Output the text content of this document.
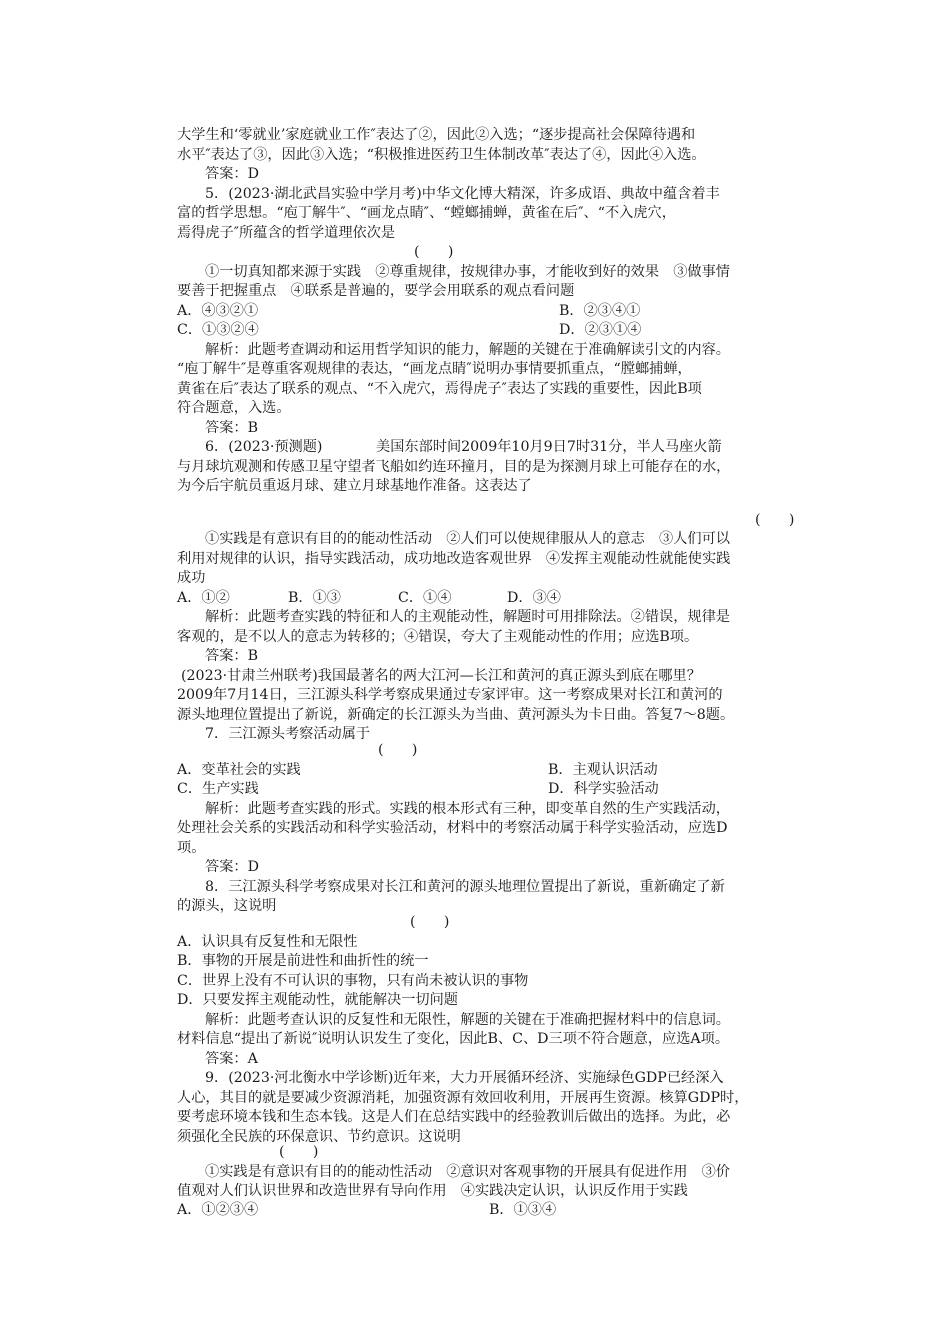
大学生和‘零就业’家庭就业工作″表达了②，因此②入选；“逐步提高社会保障待遇和
水平″表达了③，因此③入选；“积极推进医药卫生体制改革″表达了④，因此④入选。
答案：D
5．(2023·湖北武昌实验中学月考)中华文化博大精深，许多成语、典故中蕴含着丰
富的哲学思想。“庖丁解牛″、“画龙点睛″、“螳螂捕蝉，黄雀在后″、“不入虎穴，
焉得虎子″所蕴含的哲学道理依次是
(　　)
①一切真知都来源于实践　②尊重规律，按规律办事，才能收到好的效果　③做事情
要善于把握重点　④联系是普遍的，要学会用联系的观点看问题
A．④③②①	B．②③④①
C．①③②④	D．②③①④
解析：此题考查调动和运用哲学知识的能力，解题的关键在于准确解读引文的内容。
“庖丁解牛″是尊重客观规律的表达，“画龙点睛″说明办事情要抓重点，“膛螂捕蝉，
黄雀在后″表达了联系的观点、“不入虎穴，焉得虎子″表达了实践的重要性，因此B项
符合题意，入选。
答案：B
6．(2023·预测题)	美国东部时间2009年10月9日7时31分，半人马座火箭
与月球坑观测和传感卫星守望者飞船如约连环撞月，目的是为探测月球上可能存在的水，
为今后宇航员重返月球、建立月球基地作准备。这表达了
(　　)
①实践是有意识有目的的能动性活动　②人们可以使规律服从人的意志　③人们可以
利用对规律的认识，指导实践活动，成功地改造客观世界　④发挥主观能动性就能使实践
成功
A．①②	B．①③	C．①④	D．③④
解析：此题考查实践的特征和人的主观能动性，解题时可用排除法。②错误，规律是
客观的，是不以人的意志为转移的；④错误，夸大了主观能动性的作用；应选B项。
答案：B
(2023·甘肃兰州联考)我国最著名的两大江河—长江和黄河的真正源头到底在哪里？
2009年7月14日，三江源头科学考察成果通过专家评审。这一考察成果对长江和黄河的
源头地理位置提出了新说，新确定的长江源头为当曲、黄河源头为卡日曲。答复7～8题。
7．三江源头考察活动属于
(　　)
A．变革社会的实践	B．主观认识活动
C．生产实践	D．科学实验活动
解析：此题考查实践的形式。实践的根本形式有三种，即变革自然的生产实践活动，
处理社会关系的实践活动和科学实验活动，材料中的考察活动属于科学实验活动，应选D
项。
答案：D
8．三江源头科学考察成果对长江和黄河的源头地理位置提出了新说，重新确定了新
的源头，这说明
(　　)
A．认识具有反复性和无限性
B．事物的开展是前进性和曲折性的统一
C．世界上没有不可认识的事物，只有尚未被认识的事物
D．只要发挥主观能动性，就能解决一切问题
解析：此题考查认识的反复性和无限性，解题的关键在于准确把握材料中的信息词。
材料信息“提出了新说″说明认识发生了变化，因此B、C、D三项不符合题意，应选A项。
答案：A
9．(2023·河北衡水中学诊断)近年来，大力开展循环经济、实施绿色GDP已经深入
人心，其目的就是要减少资源消耗，加强资源有效回收利用，开展再生资源。核算GDP时，
要考虑环境本钱和生态本钱。这是人们在总结实践中的经验教训后做出的选择。为此，必
须强化全民族的环保意识、节约意识。这说明
(　　)
①实践是有意识有目的的能动性活动　②意识对客观事物的开展具有促进作用　③价
值观对人们认识世界和改造世界有导向作用　④实践决定认识，认识反作用于实践
A．①②③④	B．①③④
